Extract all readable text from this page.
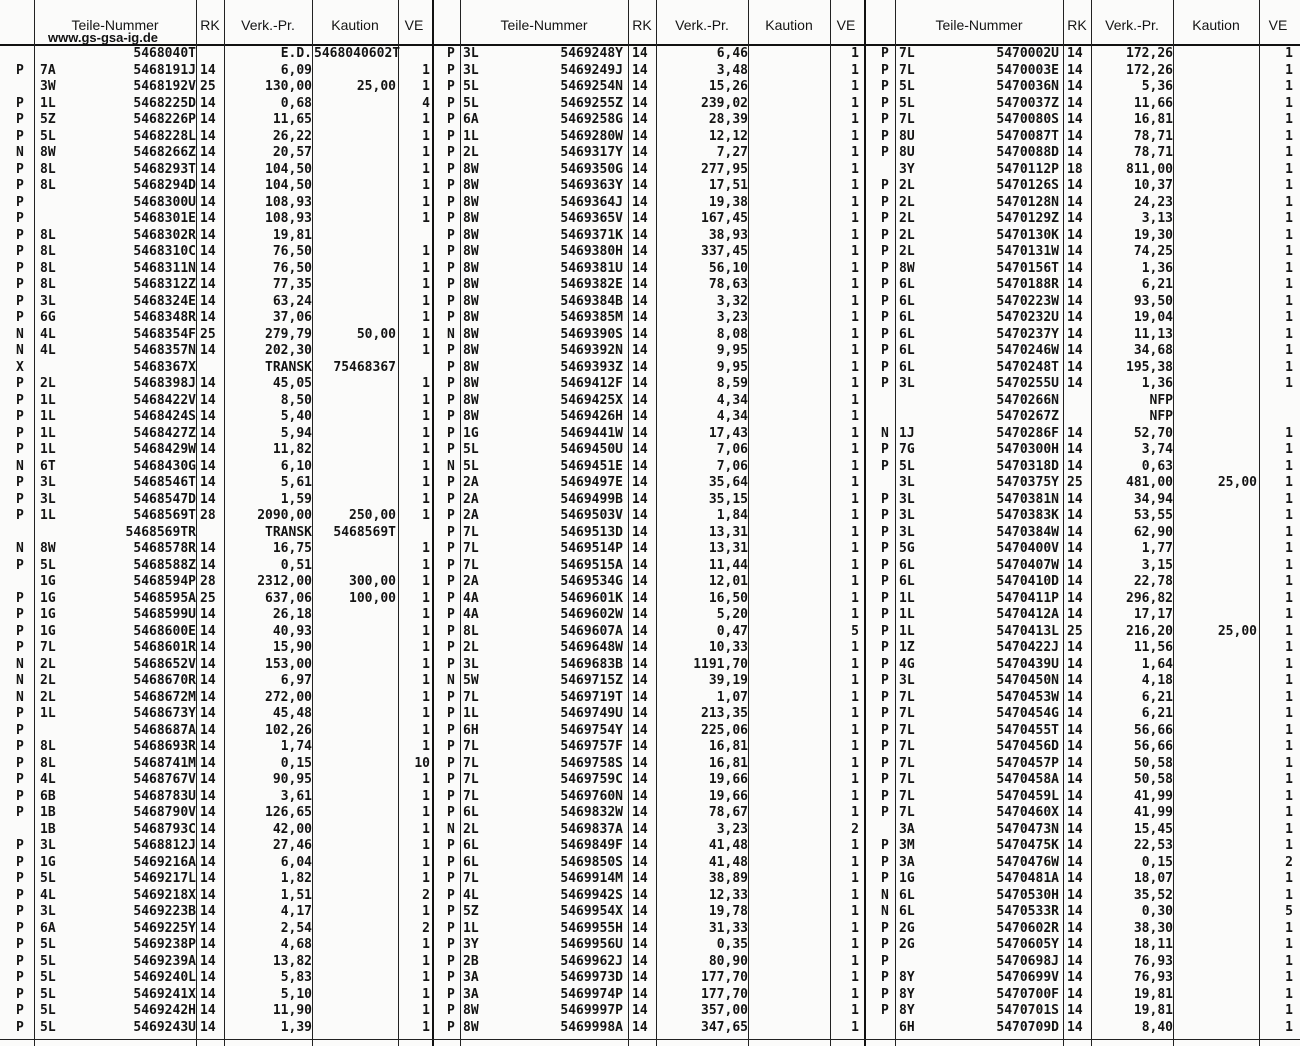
Teile-Nummer	RK	Verk.-Pr.	Kaution	VE
www.gs-gsa-ig.de
5468040T	E.D. 5468040602T
P	7A	5468191J 14	6,09	1
3W	5468192V 25	130,00	25,00	1
P	1L	5468225D 14	0,68	4
P	5Z	5468226P 14	11,65	1
P	5L	5468228L 14	26,22	1
N	8W	5468266Z 14	20,57	1
P	8L	5468293T 14	104,50	1
P	8L	5468294D 14	104,50	1
P	5468300U 14	108,93	1
P	5468301E 14	108,93	1
P	8L	5468302R 14	19,81
P	8L	5468310C 14	76,50	1
P	8L	5468311N 14	76,50	1
P	8L	5468312Z 14	77,35	1
P	3L	5468324E 14	63,24	1
P	6G	5468348R 14	37,06	1
N	4L	5468354F 25	279,79	50,00	1
N	4L	5468357N 14	202,30	1
X	5468367X	TRANSK	75468367
P	2L	5468398J 14	45,05	1
P	1L	5468422V 14	8,50	1
P	1L	5468424S 14	5,40	1
P	1L	5468427Z 14	5,94	1
P	1L	5468429W 14	11,82	1
N	6T	5468430G 14	6,10	1
P	3L	5468546T 14	5,61	1
P	3L	5468547D 14	1,59	1
P	1L	5468569T 28	2090,00	250,00	1
5468569TR	TRANSK	5468569T
N	8W	5468578R 14	16,75	1
P	5L	5468588Z 14	0,51	1
1G	5468594P 28	2312,00	300,00	1
P	1G	5468595A 25	637,06	100,00	1
P	1G	5468599U 14	26,18	1
P	1G	5468600E 14	40,93	1
P	7L	5468601R 14	15,90	1
N	2L	5468652V 14	153,00	1
N	2L	5468670R 14	6,97	1
N	2L	5468672M 14	272,00	1
P	1L	5468673Y 14	45,48	1
P	5468687A 14	102,26	1
P	8L	5468693R 14	1,74	1
P	8L	5468741M 14	0,15	10
P	4L	5468767V 14	90,95	1
P	6B	5468783U 14	3,61	1
P	1B	5468790V 14	126,65	1
1B	5468793C 14	42,00	1
P	3L	5468812J 14	27,46	1
P	1G	5469216A 14	6,04	1
P	5L	5469217L 14	1,82	1
P	4L	5469218X 14	1,51	2
P	3L	5469223B 14	4,17	1
P	6A	5469225Y 14	2,54	2
P	5L	5469238P 14	4,68	1
P	5L	5469239A 14	13,82	1
P	5L	5469240L 14	5,83	1
P	5L	5469241X 14	5,10	1
P	5L	5469242H 14	11,90	1
P	5L	5469243U 14	1,39	1
Teile-Nummer	RK	Verk.-Pr.	Kaution	VE
P 3L	5469248Y 14	6,46	1
P 3L	5469249J 14	3,48	1
P 5L	5469254N 14	15,26	1
P 5L	5469255Z 14	239,02	1
P 6A	5469258G 14	28,39	1
P 1L	5469280W 14	12,12	1
P 2L	5469317Y 14	7,27	1
P 8W	5469350G 14	277,95	1
P 8W	5469363Y 14	17,51	1
P 8W	5469364J 14	19,38	1
P 8W	5469365V 14	167,45	1
P 8W	5469371K 14	38,93	1
P 8W	5469380H 14	337,45	1
P 8W	5469381U 14	56,10	1
P 8W	5469382E 14	78,63	1
P 8W	5469384B 14	3,32	1
P 8W	5469385M 14	3,23	1
N 8W	5469390S 14	8,08	1
P 8W	5469392N 14	9,95	1
P 8W	5469393Z 14	9,95	1
P 8W	5469412F 14	8,59	1
P 8W	5469425X 14	4,34	1
P 8W	5469426H 14	4,34	1
P 1G	5469441W 14	17,43	1
P 5L	5469450U 14	7,06	1
N 5L	5469451E 14	7,06	1
P 2A	5469497E 14	35,64	1
P 2A	5469499B 14	35,15	1
P 2A	5469503V 14	1,84	1
P 7L	5469513D 14	13,31	1
P 7L	5469514P 14	13,31	1
P 7L	5469515A 14	11,44	1
P 2A	5469534G 14	12,01	1
P 4A	5469601K 14	16,50	1
P 4A	5469602W 14	5,20	1
P 8L	5469607A 14	0,47	5
P 2L	5469648W 14	10,33	1
P 3L	5469683B 14	1191,70	1
N 5W	5469715Z 14	39,19	1
P 7L	5469719T 14	1,07	1
P 1L	5469749U 14	213,35	1
P 6H	5469754Y 14	225,06	1
P 7L	5469757F 14	16,81	1
P 7L	5469758S 14	16,81	1
P 7L	5469759C 14	19,66	1
P 7L	5469760N 14	19,66	1
P 6L	5469832W 14	78,67	1
N 2L	5469837A 14	3,23	2
P 6L	5469849F 14	41,48	1
P 6L	5469850S 14	41,48	1
P 7L	5469914M 14	38,89	1
P 4L	5469942S 14	12,33	1
P 5Z	5469954X 14	19,78	1
P 1L	5469955H 14	31,33	1
P 3Y	5469956U 14	0,35	1
P 2B	5469962J 14	80,90	1
P 3A	5469973D 14	177,70	1
P 3A	5469974P 14	177,70	1
P 8W	5469997P 14	357,00	1
P 8W	5469998A 14	347,65	1
Teile-Nummer	RK	Verk.-Pr.	Kaution	VE
P 7L	5470002U 14	172,26	1
P 7L	5470003E 14	172,26	1
P 5L	5470036N 14	5,36	1
P 5L	5470037Z 14	11,66	1
P 7L	5470080S 14	16,81	1
P 8U	5470087T 14	78,71	1
P 8U	5470088D 14	78,71	1
3Y	5470112P 18	811,00	1
P 2L	5470126S 14	10,37	1
P 2L	5470128N 14	24,23	1
P 2L	5470129Z 14	3,13	1
P 2L	5470130K 14	19,30	1
P 2L	5470131W 14	74,25	1
P 8W	5470156T 14	1,36	1
P 6L	5470188R 14	6,21	1
P 6L	5470223W 14	93,50	1
P 6L	5470232U 14	19,04	1
P 6L	5470237Y 14	11,13	1
P 6L	5470246W 14	34,68	1
P 6L	5470248T 14	195,38	1
P 3L	5470255U 14	1,36	1
5470266N	NFP
5470267Z	NFP
N 1J	5470286F 14	52,70	1
P 7G	5470300H 14	3,74	1
P 5L	5470318D 14	0,63	1
3L	5470375Y 25	481,00	25,00	1
P 3L	5470381N 14	34,94	1
P 3L	5470383K 14	53,55	1
P 3L	5470384W 14	62,90	1
P 5G	5470400V 14	1,77	1
P 6L	5470407W 14	3,15	1
P 6L	5470410D 14	22,78	1
P 1L	5470411P 14	296,82	1
P 1L	5470412A 14	17,17	1
P 1L	5470413L 25	216,20	25,00	1
P 1Z	5470422J 14	11,56	1
P 4G	5470439U 14	1,64	1
P 3L	5470450N 14	4,18	1
P 7L	5470453W 14	6,21	1
P 7L	5470454G 14	6,21	1
P 7L	5470455T 14	56,66	1
P 7L	5470456D 14	56,66	1
P 7L	5470457P 14	50,58	1
P 7L	5470458A 14	50,58	1
P 7L	5470459L 14	41,99	1
P 7L	5470460X 14	41,99	1
3A	5470473N 14	15,45	1
P 3M	5470475K 14	22,53	1
P 3A	5470476W 14	0,15	2
P 1G	5470481A 14	18,07	1
N 6L	5470530H 14	35,52	1
N 6L	5470533R 14	0,30	5
P 2G	5470602R 14	38,30	1
P 2G	5470605Y 14	18,11	1
P	5470698J 14	76,93	1
P 8Y	5470699V 14	76,93	1
P 8Y	5470700F 14	19,81	1
P 8Y	5470701S 14	19,81	1
6H	5470709D 14	8,40	1
